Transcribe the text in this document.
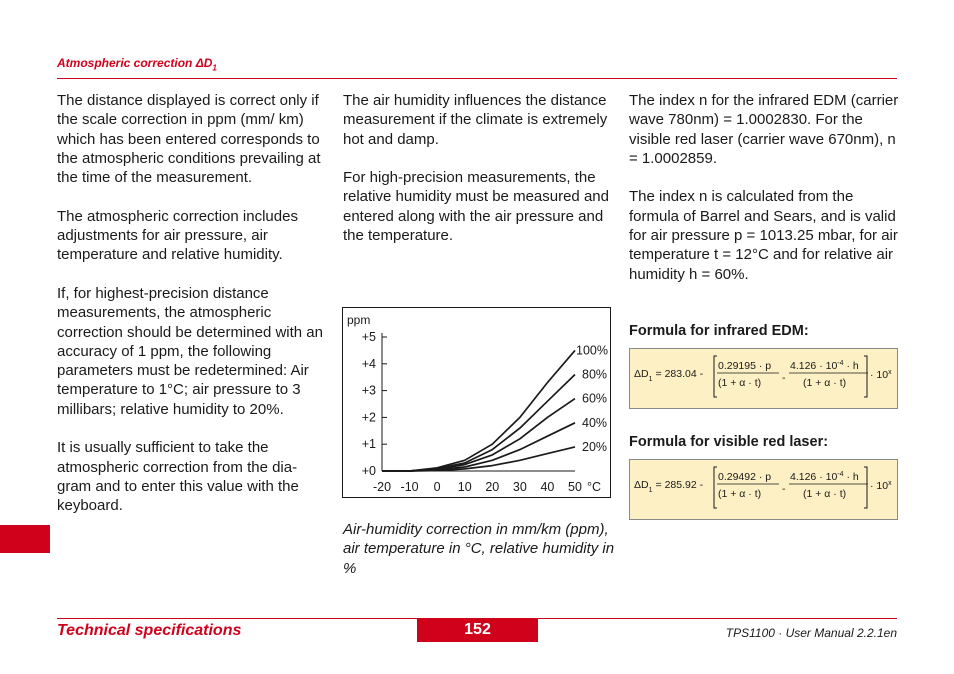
Atmospheric correction $\Delta D_1$

The distance displayed is correct only if the scale correction in ppm (mm/ km) which has been entered corresponds to the atmospheric conditions prevailing at the time of the measurement.

The atmospheric correction includes adjustments for air pressure, air temperature and relative humidity.

If, for highest-precision distance measurements, the atmospheric correction should be determined with an accuracy of 1 ppm, the following parameters must be redetermined: Air temperature to 1°C; air pressure to 3 millibars; relative humidity to 20%.

It is usually sufficient to take the atmospheric correction from the dia- gram and to enter this value with the keyboard.

The air humidity influences the distance measurement if the climate is extremely hot and damp.

For high-precision measurements, the relative humidity must be measured and entered along with the air pressure and the temperature.

The index n for the infrared EDM (carrier wave 780nm) = 1.0002830. For the visible red laser (carrier wave 670nm), n = 1.0002859.

The index n is calculated from the formula of Barrel and Sears, and is valid for air pressure p = 1013.25 mbar, for air temperature t = 12°C and for relative air humidity h = 60%.

ppm
+0
+1
+2
+3
+4
+5
-20 -10 0 10 20 30 40 50 °C
20%
40%
60%
80%
100%
Air-humidity correction in mm/km (ppm), air temperature in °C, relative humidity in %
Formula for infrared EDM:
$\Delta D_1 = 283.04$ -
0.29195 · p
(1 + α · t) -
$4.126 \cdot 10^{-4} \cdot h$
(1 + α · t)
· $10^x$
Formula for visible red laser:
$\Delta D_1 = 285.92$ -
0.29492 · p
(1 + α · t) -
$4.126 \cdot 10^{-4} \cdot h$
(1 + α · t)
· $10^x$
Technical specifications	152	TPS1100 · User Manual 2.2.1en
